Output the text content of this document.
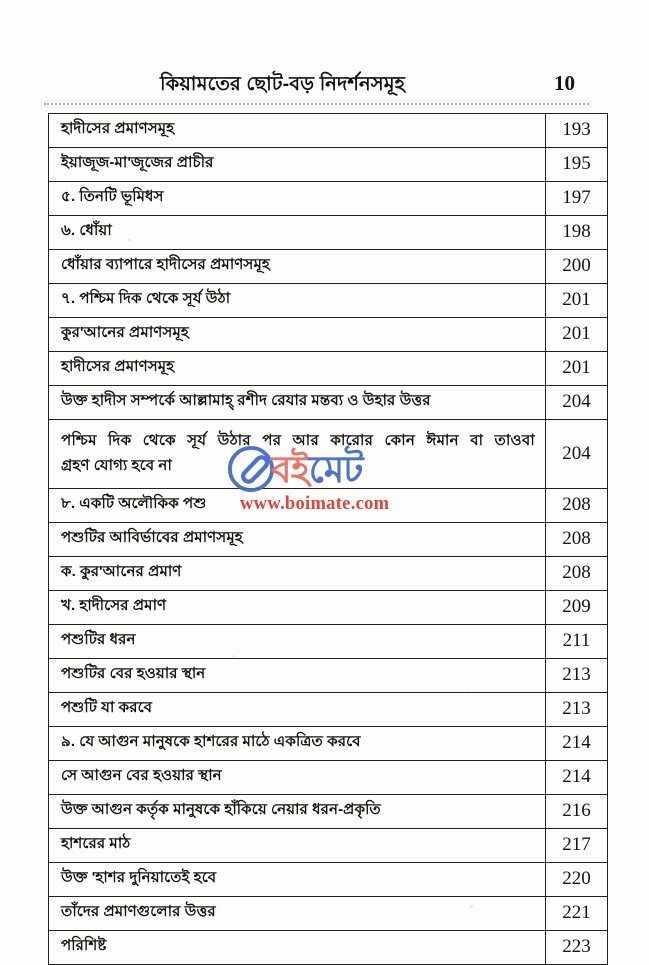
কিয়ামতের ছোট-বড় নিদর্শনসমূহ	10
হাদীসের প্রমাণসমূহ	193
ইয়াজূজ-মা'জূজের প্রাচীর	195
৫. তিনটি ভূমিধস	197
৬. ধোঁয়া	198
ধোঁয়ার ব্যাপারে হাদীসের প্রমাণসমূহ	200
৭. পশ্চিম দিক থেকে সূর্য উঠা	201
কুর'আনের প্রমাণসমূহ	201
হাদীসের প্রমাণসমূহ	201
উক্ত হাদীস সম্পর্কে আল্লামাহ্ রশীদ রেযার মন্তব্য ও উহার উত্তর	204

পশ্চিম দিক থেকে সূর্য উঠার পর আর কারোর কোন ঈমান বা তাওবা
গ্রহণ যোগ্য হবে না	204
৮. একটি অলৌকিক পশু	208
পশুটির আবির্ভাবের প্রমাণসমূহ	208
ক. কুর'আনের প্রমাণ	208
খ. হাদীসের প্রমাণ	209
পশুটির ধরন	211
পশুটির বের হওয়ার স্থান	213
পশুটি যা করবে	213
৯. যে আগুন মানুষকে হাশরের মাঠে একত্রিত করবে	214
সে আগুন বের হওয়ার স্থান	214
উক্ত আগুন কর্তৃক মানুষকে হাঁকিয়ে নেয়ার ধরন-প্রকৃতি	216
হাশরের মাঠ	217
উক্ত 'হাশর দুনিয়াতেই হবে	220
তাঁদের প্রমাণগুলোর উত্তর	221
পরিশিষ্ট	223
বইমেট
www.boimate.com
